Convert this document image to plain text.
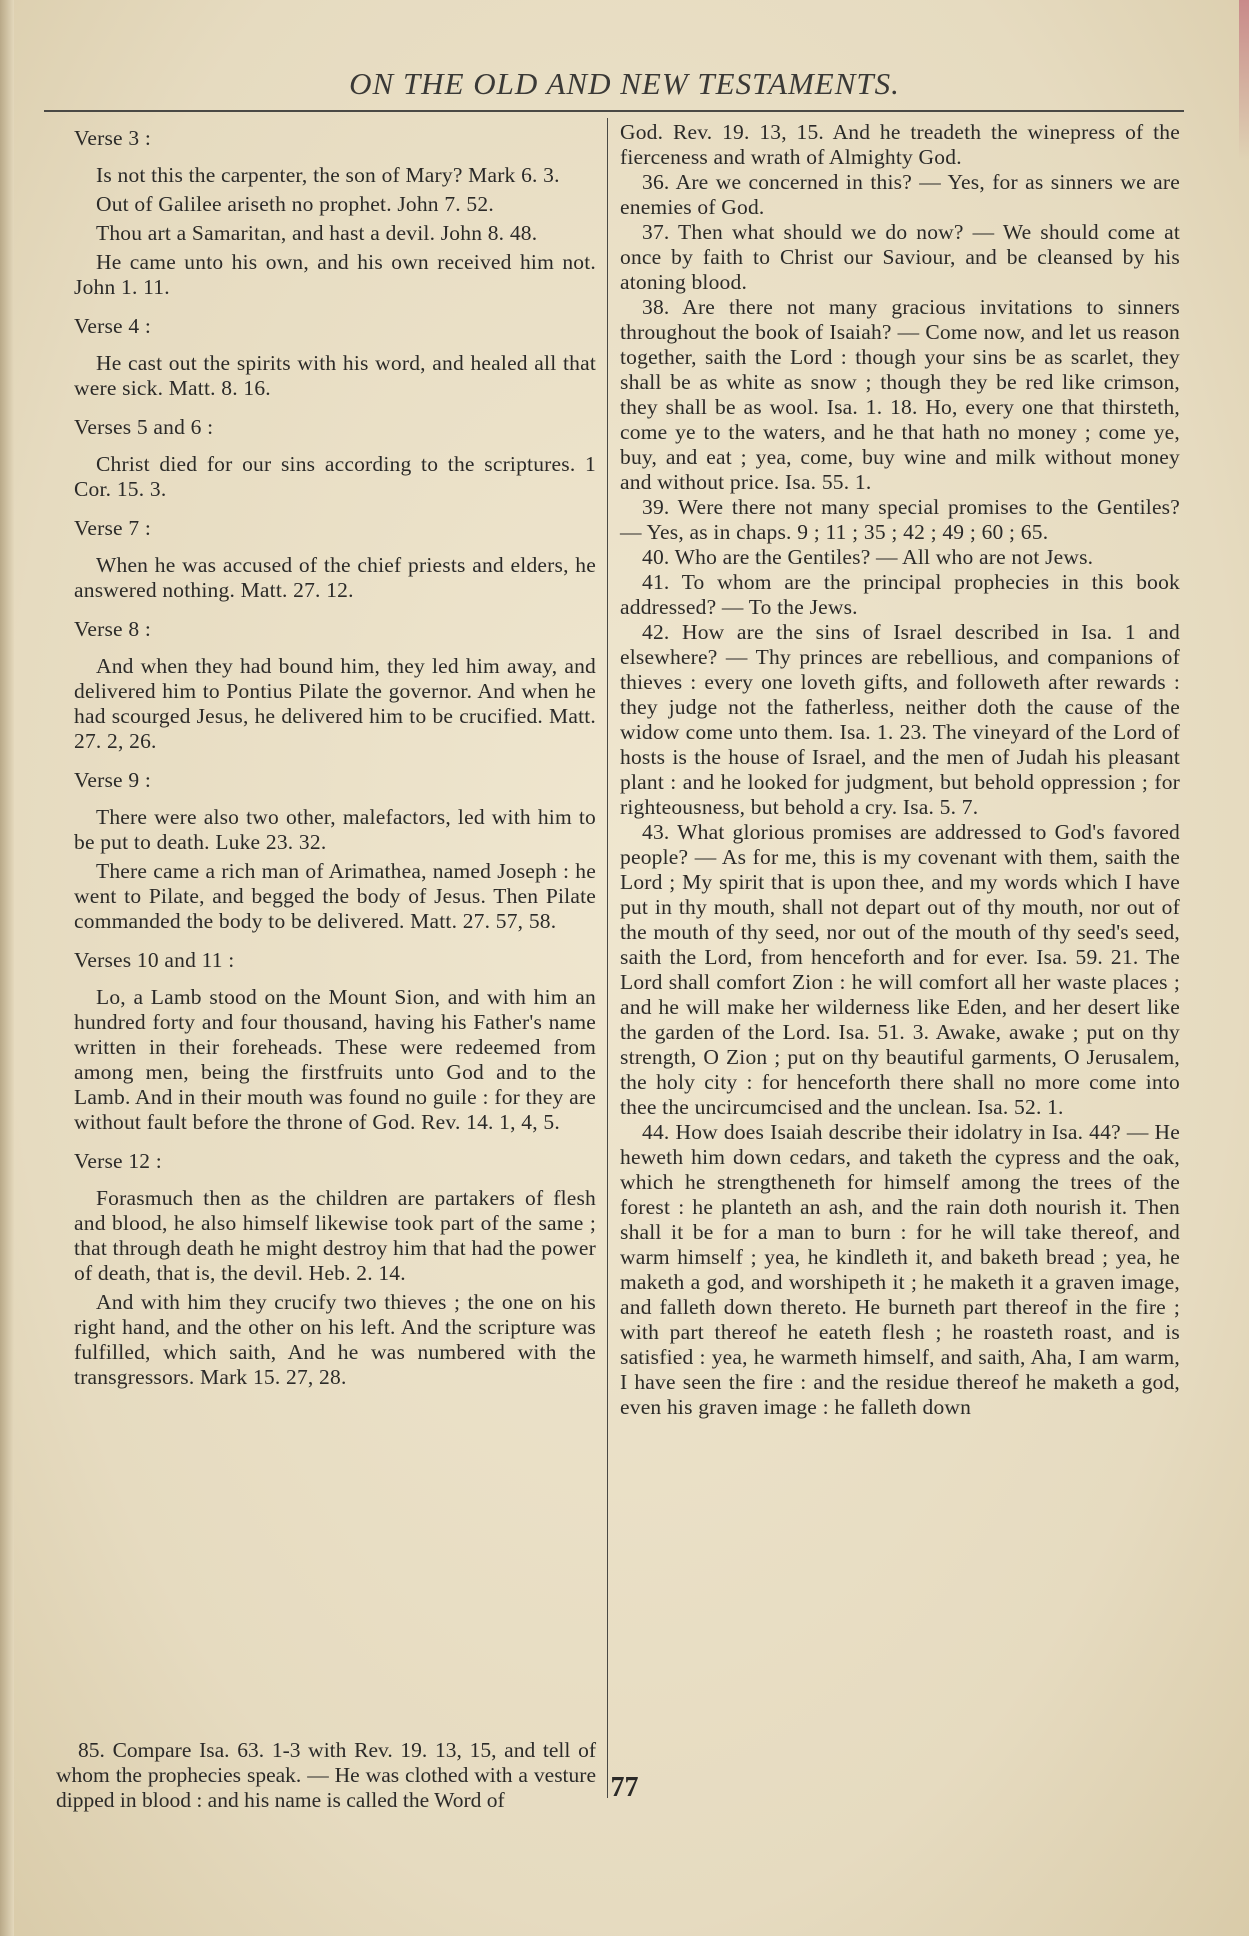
ON THE OLD AND NEW TESTAMENTS.

Verse 3 :

Is not this the carpenter, the son of Mary? Mark 6. 3.

Out of Galilee ariseth no prophet. John 7. 52.

Thou art a Samaritan, and hast a devil. John 8. 48.

He came unto his own, and his own received him not. John 1. 11.

Verse 4 :

He cast out the spirits with his word, and healed all that were sick. Matt. 8. 16.

Verses 5 and 6 :

Christ died for our sins according to the scriptures. 1 Cor. 15. 3.

Verse 7 :

When he was accused of the chief priests and elders, he answered nothing. Matt. 27. 12.

Verse 8 :

And when they had bound him, they led him away, and delivered him to Pontius Pilate the governor. And when he had scourged Jesus, he delivered him to be crucified. Matt. 27. 2, 26.

Verse 9 :

There were also two other, malefactors, led with him to be put to death. Luke 23. 32.

There came a rich man of Arimathea, named Joseph : he went to Pilate, and begged the body of Jesus. Then Pilate commanded the body to be delivered. Matt. 27. 57, 58.

Verses 10 and 11 :

Lo, a Lamb stood on the Mount Sion, and with him an hundred forty and four thousand, having his Father's name written in their foreheads. These were redeemed from among men, being the firstfruits unto God and to the Lamb. And in their mouth was found no guile : for they are without fault before the throne of God. Rev. 14. 1, 4, 5.

Verse 12 :

Forasmuch then as the children are partakers of flesh and blood, he also himself likewise took part of the same ; that through death he might destroy him that had the power of death, that is, the devil. Heb. 2. 14.

And with him they crucify two thieves ; the one on his right hand, and the other on his left. And the scripture was fulfilled, which saith, And he was numbered with the transgressors. Mark 15. 27, 28.

85. Compare Isa. 63. 1-3 with Rev. 19. 13, 15, and tell of whom the prophecies speak. — He was clothed with a vesture dipped in blood : and his name is called the Word of

God. Rev. 19. 13, 15. And he treadeth the winepress of the fierceness and wrath of Almighty God.

36. Are we concerned in this? — Yes, for as sinners we are enemies of God.

37. Then what should we do now? — We should come at once by faith to Christ our Saviour, and be cleansed by his atoning blood.

38. Are there not many gracious invitations to sinners throughout the book of Isaiah? — Come now, and let us reason together, saith the Lord : though your sins be as scarlet, they shall be as white as snow ; though they be red like crimson, they shall be as wool. Isa. 1. 18. Ho, every one that thirsteth, come ye to the waters, and he that hath no money ; come ye, buy, and eat ; yea, come, buy wine and milk without money and without price. Isa. 55. 1.

39. Were there not many special promises to the Gentiles? — Yes, as in chaps. 9 ; 11 ; 35 ; 42 ; 49 ; 60 ; 65.

40. Who are the Gentiles? — All who are not Jews.

41. To whom are the principal prophecies in this book addressed? — To the Jews.

42. How are the sins of Israel described in Isa. 1 and elsewhere? — Thy princes are rebellious, and companions of thieves : every one loveth gifts, and followeth after rewards : they judge not the fatherless, neither doth the cause of the widow come unto them. Isa. 1. 23. The vineyard of the Lord of hosts is the house of Israel, and the men of Judah his pleasant plant : and he looked for judgment, but behold oppression ; for righteousness, but behold a cry. Isa. 5. 7.

43. What glorious promises are addressed to God's favored people? — As for me, this is my covenant with them, saith the Lord ; My spirit that is upon thee, and my words which I have put in thy mouth, shall not depart out of thy mouth, nor out of the mouth of thy seed, nor out of the mouth of thy seed's seed, saith the Lord, from henceforth and for ever. Isa. 59. 21. The Lord shall comfort Zion : he will comfort all her waste places ; and he will make her wilderness like Eden, and her desert like the garden of the Lord. Isa. 51. 3. Awake, awake ; put on thy strength, O Zion ; put on thy beautiful garments, O Jerusalem, the holy city : for henceforth there shall no more come into thee the uncircumcised and the unclean. Isa. 52. 1.

44. How does Isaiah describe their idolatry in Isa. 44? — He heweth him down cedars, and taketh the cypress and the oak, which he strengtheneth for himself among the trees of the forest : he planteth an ash, and the rain doth nourish it. Then shall it be for a man to burn : for he will take thereof, and warm himself ; yea, he kindleth it, and baketh bread ; yea, he maketh a god, and worshipeth it ; he maketh it a graven image, and falleth down thereto. He burneth part thereof in the fire ; with part thereof he eateth flesh ; he roasteth roast, and is satisfied : yea, he warmeth himself, and saith, Aha, I am warm, I have seen the fire : and the residue thereof he maketh a god, even his graven image : he falleth down

77
